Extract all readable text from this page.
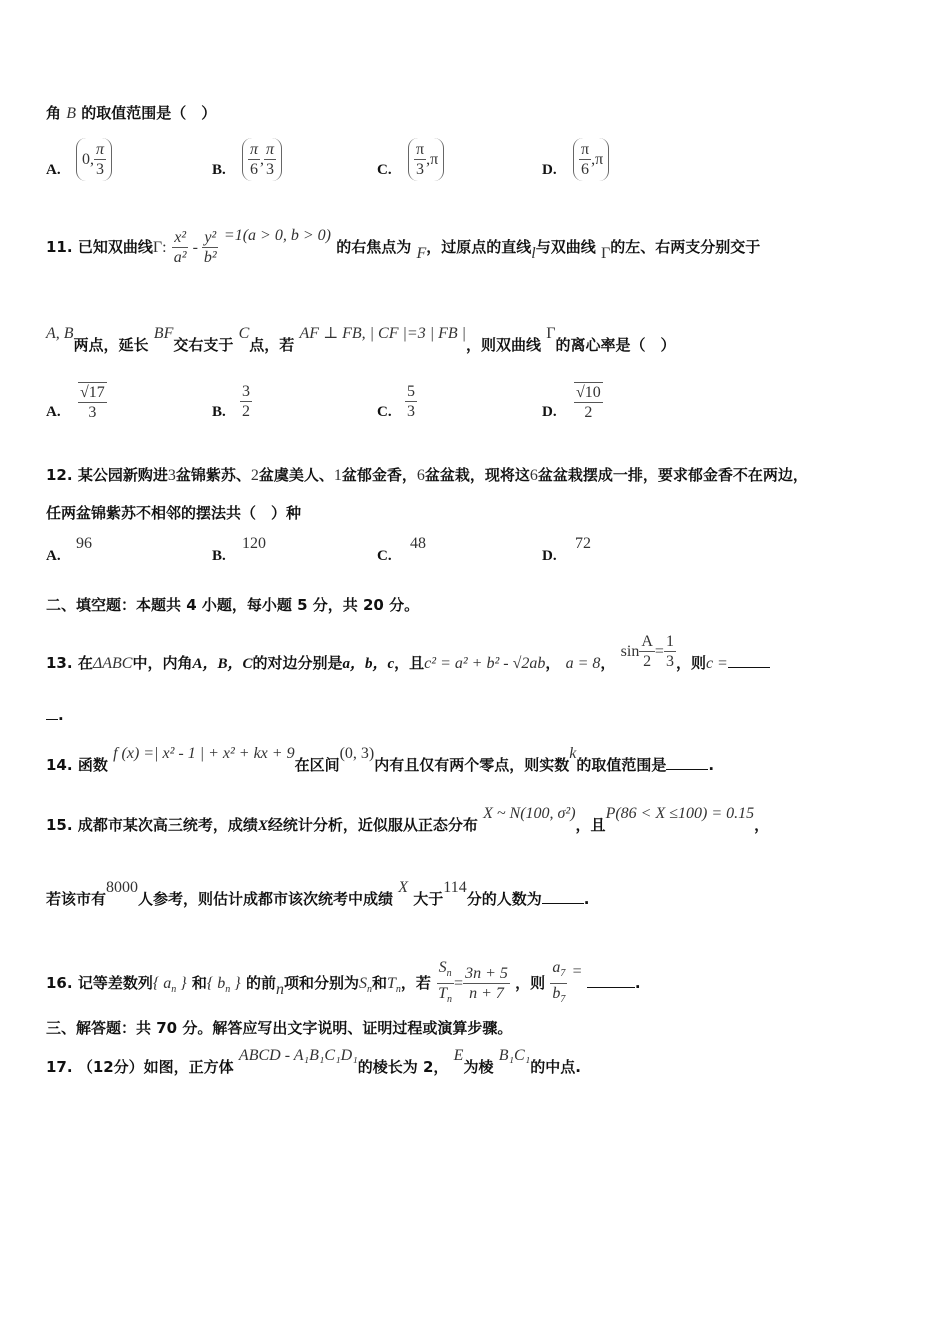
角 B 的取值范围是（　）
A.
0 , $\frac{\pi}{3}$	B. $\frac{\pi}{6}$ , $\frac{\pi}{3}$	C. $\frac{\pi}{3}$ , π
D. $\frac{\pi}{6}$ , π
11. 已知双曲线Γ: $\frac{\text{x²}}{\text{a²}} - \frac{\text{y²}}{\text{b²}} =1(a > 0$, b > 0) 的右焦点为 F，过原点的直线l与双曲线 Γ的左、右两支分别交于
A, B两点，延长 BF交右支于 C点，若 AF ⊥ FB, | CF |=3 | FB |，则双曲线 Γ的离心率是（　）
A. $\frac{√17}{3}$	B. $\frac{3}{2}$	C. $\frac{5}{3}$	D. $\frac{√10}{2}$
12. 某公园新购进3盆锦紫苏、2盆虞美人、1盆郁金香，6盆盆栽，现将这6盆盆栽摆成一排，要求郁金香不在两边，
任两盆锦紫苏不相邻的摆法共（　）种
A.
96
B.
120
C.
48
D.
72
二、填空题：本题共 4 小题，每小题 5 分，共 20 分。
13. 在ΔABC中，内角A，B，C的对边分别是a，b，c，且c² = a² + b² - √2ab， a = 8， $\sin \frac{A}{2} = \frac{1}{3}$ ，则c =
.
14. 函数 f (x) =| x² - 1 | + x² + kx + 9在区间(0, 3)内有且仅有两个零点，则实数k的取值范围是	.
15. 成都市某次高三统考，成绩X经统计分析，近似服从正态分布 X ~ N(100, σ²)，且P(86 < X ≤100) = 0.15，
若该市有8000人参考，则估计成都市该次统考中成绩 X 大于114分的人数为	.
16. 记等差数列{ $a_n$ } 和{ $b_n$ } 的前n项和分别为$S_n$和$T_n$，若 $\frac{S_n}{T_n} = \frac{3n + 5}{n + 7}$ ，则 $\frac{a_7}{b_7}$ = .
三、解答题：共 70 分。解答应写出文字说明、证明过程或演算步骤。
17. （12分）如图，正方体 ABCD - A₁B₁C₁D₁的棱长为 2， E为棱 B₁C₁的中点.
